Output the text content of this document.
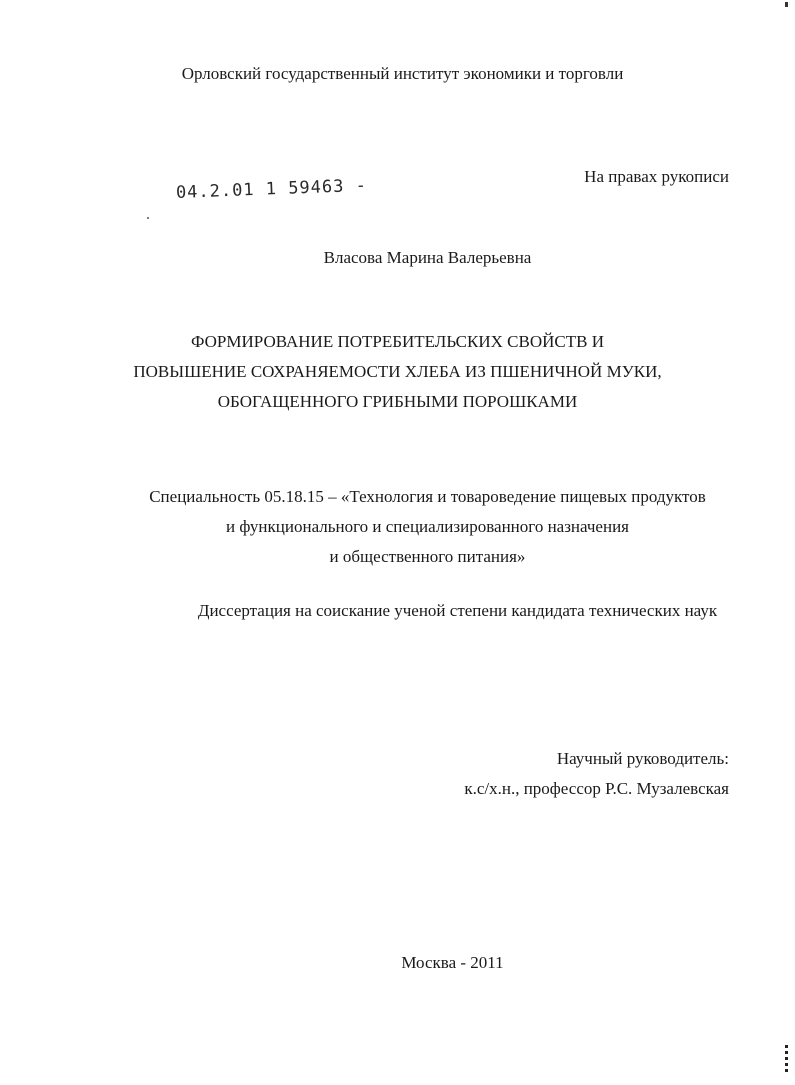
Орловский государственный институт экономики и торговли
На правах рукописи
04.2.01 1 59463 -
Власова Марина Валерьевна
ФОРМИРОВАНИЕ ПОТРЕБИТЕЛЬСКИХ СВОЙСТВ И
ПОВЫШЕНИЕ СОХРАНЯЕМОСТИ ХЛЕБА ИЗ ПШЕНИЧНОЙ МУКИ,
ОБОГАЩЕННОГО ГРИБНЫМИ ПОРОШКАМИ
Специальность 05.18.15 – «Технология и товароведение пищевых продуктов
и функционального и специализированного назначения
и общественного питания»
Диссертация на соискание ученой степени кандидата технических наук
Научный руководитель:
к.с/х.н., профессор Р.С. Музалевская
Москва - 2011
